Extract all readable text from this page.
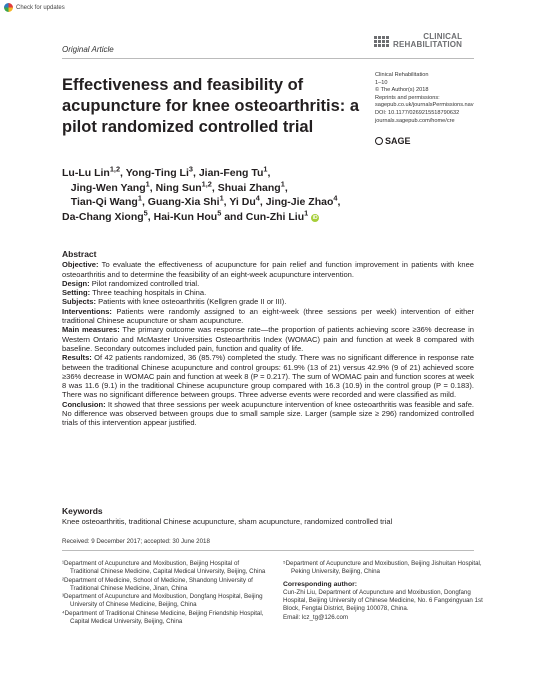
Check for updates
Original Article
CLINICAL
REHABILITATION
Effectiveness and feasibility of acupuncture for knee osteoarthritis: a pilot randomized controlled trial
Clinical Rehabilitation
1–10
© The Author(s) 2018
Reprints and permissions:
sagepub.co.uk/journalsPermissions.nav
DOI: 10.1177/0269215518790632
journals.sagepub.com/home/cre
SAGE
Lu-Lu Lin$^{1,2}$, Yong-Ting Li$^3$, Jian-Feng Tu$^1$,
Jing-Wen Yang$^1$, Ning Sun$^{1,2}$, Shuai Zhang$^1$,
Tian-Qi Wang$^1$, Guang-Xia Shi$^1$, Yi Du$^4$, Jing-Jie Zhao$^4$,
Da-Chang Xiong$^5$, Hai-Kun Hou$^5$ and Cun-Zhi Liu$^1$ iD
Abstract

Objective: To evaluate the effectiveness of acupuncture for pain relief and function improvement in patients with knee osteoarthritis and to determine the feasibility of an eight-week acupuncture intervention.

Design: Pilot randomized controlled trial.

Setting: Three teaching hospitals in China.

Subjects: Patients with knee osteoarthritis (Kellgren grade II or III).

Interventions: Patients were randomly assigned to an eight-week (three sessions per week) intervention of either traditional Chinese acupuncture or sham acupuncture.

Main measures: The primary outcome was response rate—the proportion of patients achieving score ≥36% decrease in Western Ontario and McMaster Universities Osteoarthritis Index (WOMAC) pain and function at week 8 compared with baseline. Secondary outcomes included pain, function and quality of life.

Results: Of 42 patients randomized, 36 (85.7%) completed the study. There was no significant difference in response rate between the traditional Chinese acupuncture and control groups: 61.9% (13 of 21) versus 42.9% (9 of 21) achieved score ≥36% decrease in WOMAC pain and function at week 8 (P = 0.217). The sum of WOMAC pain and function scores at week 8 was 11.6 (9.1) in the traditional Chinese acupuncture group compared with 16.3 (10.9) in the control group (P = 0.183). There was no significant difference between groups. Three adverse events were recorded and were classified as mild.

Conclusion: It showed that three sessions per week acupuncture intervention of knee osteoarthritis was feasible and safe. No difference was observed between groups due to small sample size. Larger (sample size ≥ 296) randomized controlled trials of this intervention appear justified.

Keywords
Knee osteoarthritis, traditional Chinese acupuncture, sham acupuncture, randomized controlled trial
Received: 9 December 2017; accepted: 30 June 2018
¹Department of Acupuncture and Moxibustion, Beijing Hospital of Traditional Chinese Medicine, Capital Medical University, Beijing, China
²Department of Medicine, School of Medicine, Shandong University of Traditional Chinese Medicine, Jinan, China
³Department of Acupuncture and Moxibustion, Dongfang Hospital, Beijing University of Chinese Medicine, Beijing, China
⁴Department of Traditional Chinese Medicine, Beijing Friendship Hospital, Capital Medical University, Beijing, China
⁵Department of Acupuncture and Moxibustion, Beijing Jishuitan Hospital, Peking University, Beijing, China
Corresponding author:
Cun-Zhi Liu, Department of Acupuncture and Moxibustion, Dongfang Hospital, Beijing University of Chinese Medicine, No. 6 Fangxingyuan 1st Block, Fengtai District, Beijing 100078, China.
Email: lcz_tg@126.com
